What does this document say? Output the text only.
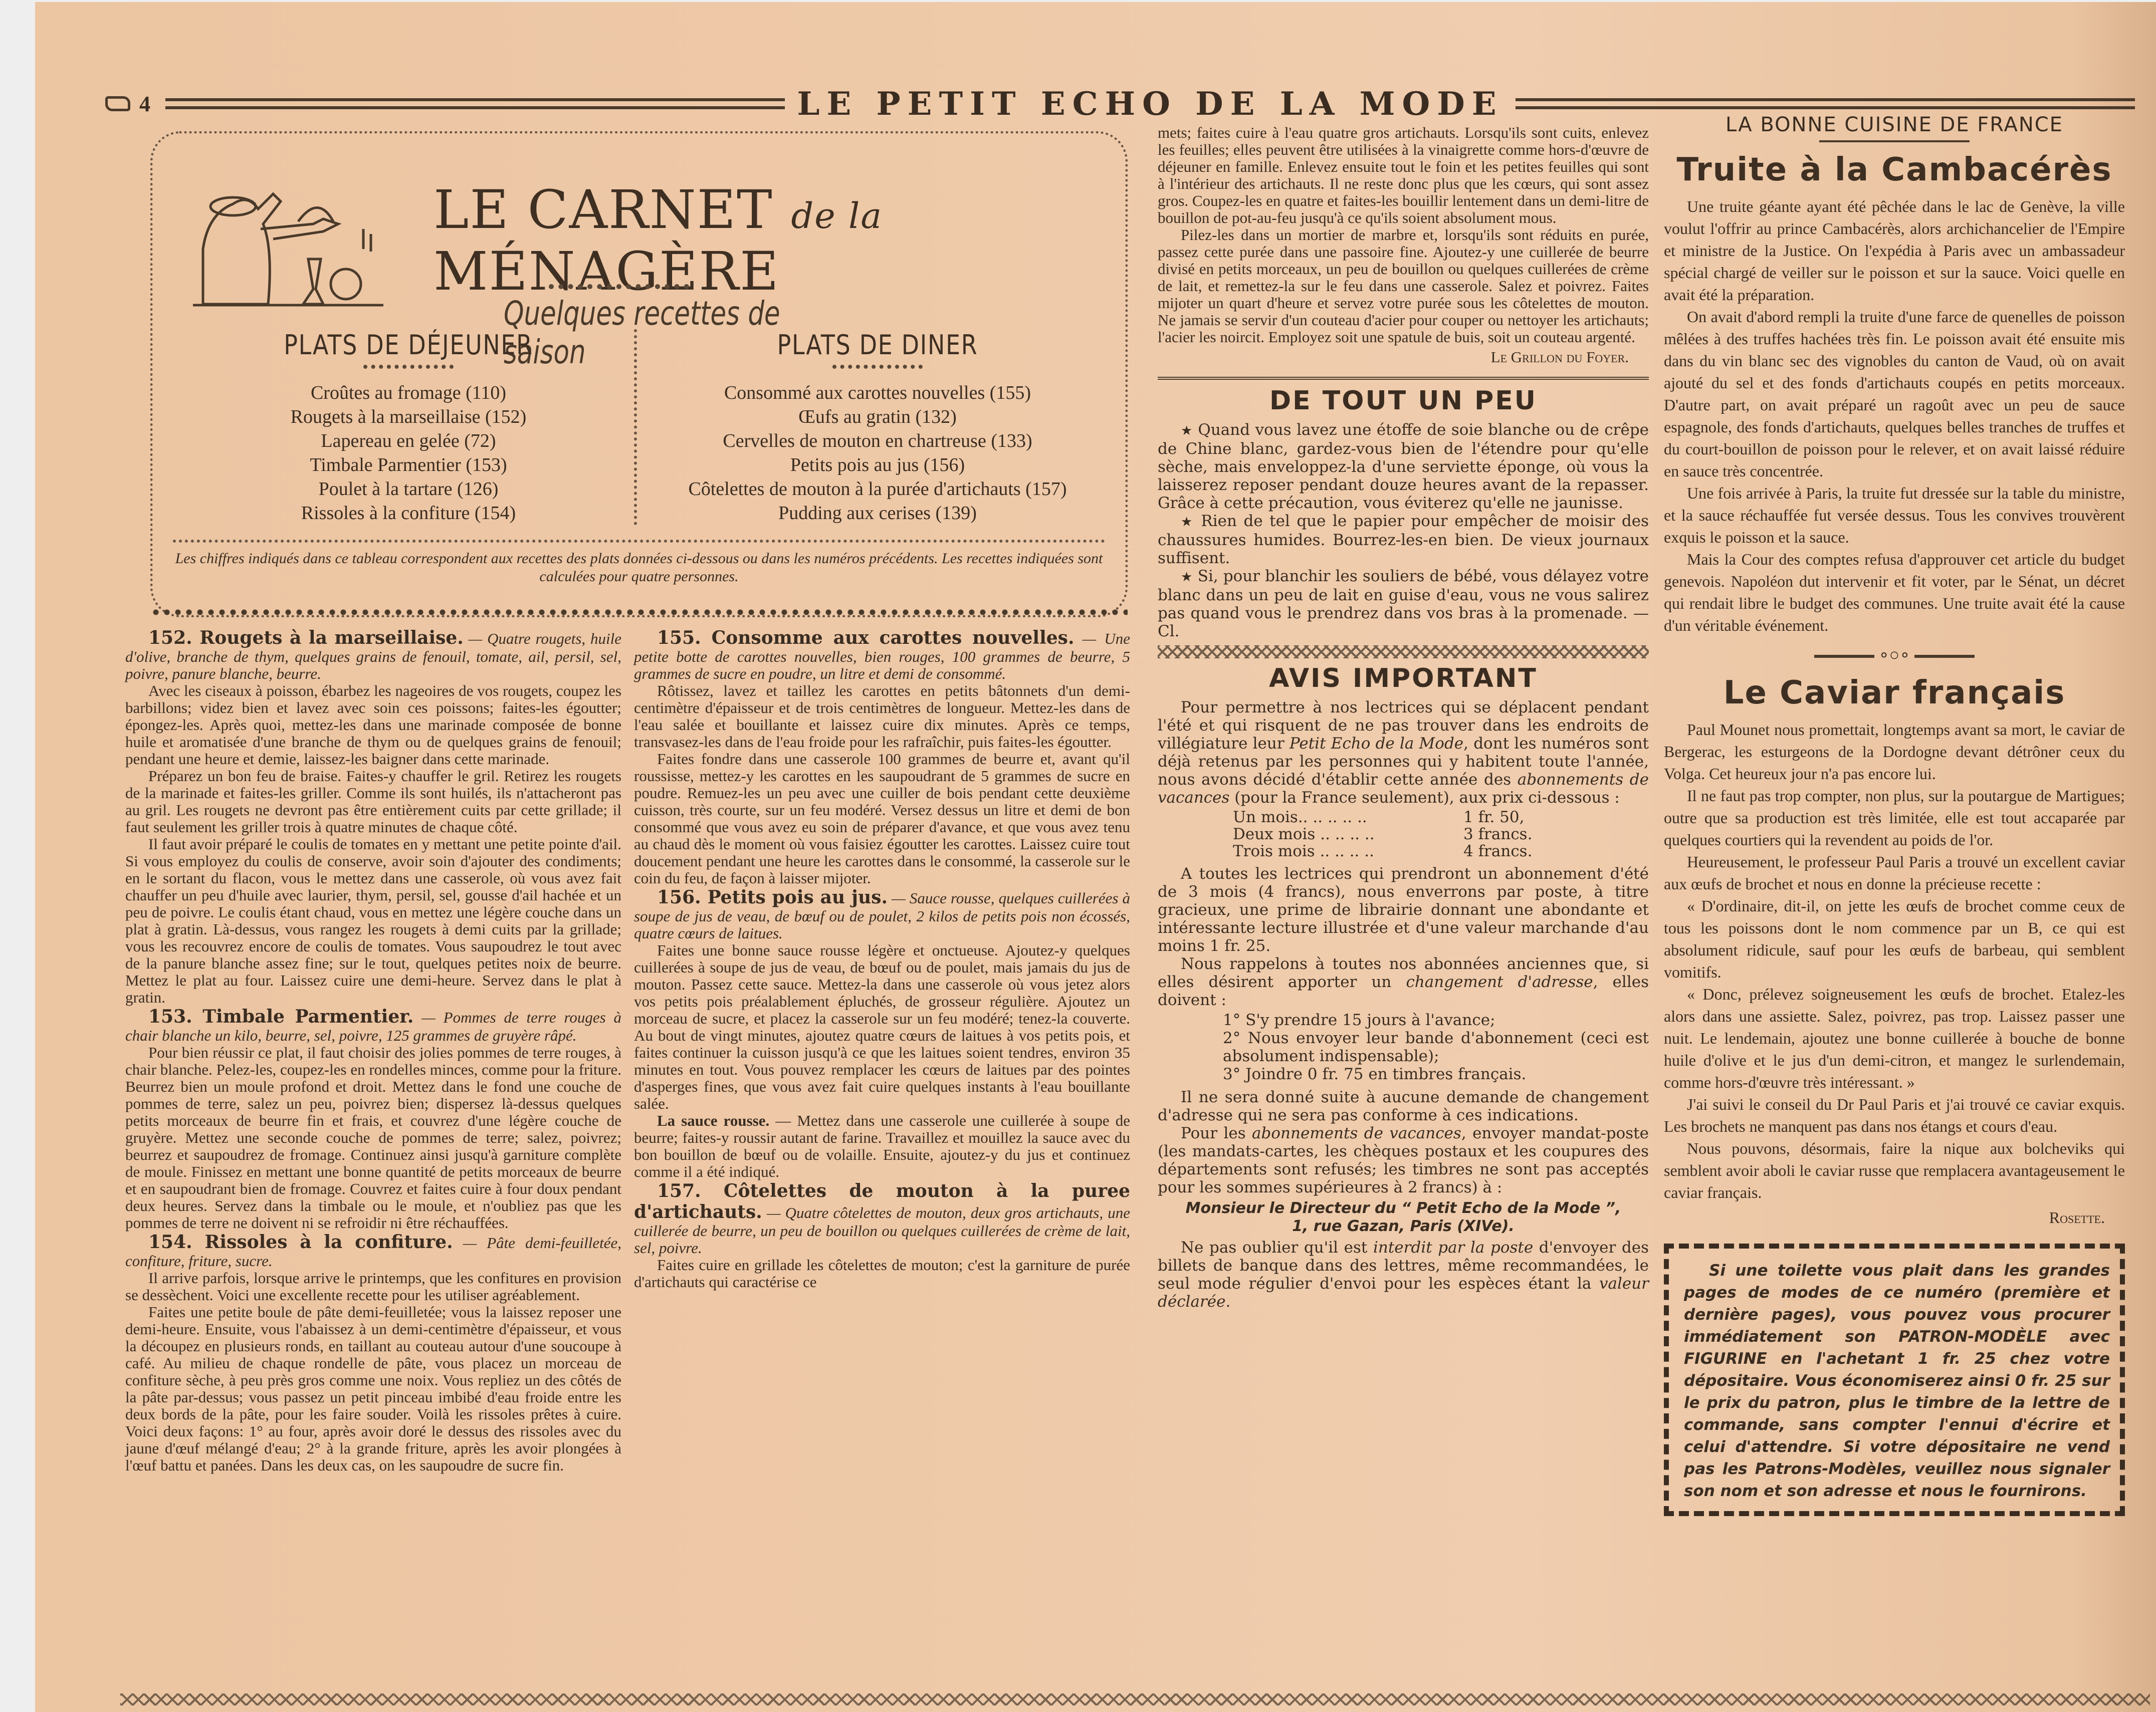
4	LE PETIT ECHO DE LA MODE
LE CARNET de la MÉNAGÈRE
Quelques recettes de saison
PLATS DE DÉJEUNER
Croûtes au fromage (110)
Rougets à la marseillaise (152)
Lapereau en gelée (72)
Timbale Parmentier (153)
Poulet à la tartare (126)
Rissoles à la confiture (154)
PLATS DE DINER
Consommé aux carottes nouvelles (155)
Œufs au gratin (132)
Cervelles de mouton en chartreuse (133)
Petits pois au jus (156)
Côtelettes de mouton à la purée d'artichauts (157)
Pudding aux cerises (139)
Les chiffres indiqués dans ce tableau correspondent aux recettes des plats données ci-dessous ou dans les numéros précédents. Les recettes indiquées sont calculées pour quatre personnes.

152. Rougets à la marseillaise. — Quatre rougets, huile d'olive, branche de thym, quelques grains de fenouil, tomate, ail, persil, sel, poivre, panure blanche, beurre.

Avec les ciseaux à poisson, ébarbez les nageoires de vos rougets, coupez les barbillons; videz bien et lavez avec soin ces poissons; faites-les égoutter; épongez-les. Après quoi, mettez-les dans une marinade composée de bonne huile et aromatisée d'une branche de thym ou de quelques grains de fenouil; pendant une heure et demie, laissez-les baigner dans cette marinade.

Préparez un bon feu de braise. Faites-y chauffer le gril. Retirez les rougets de la marinade et faites-les griller. Comme ils sont huilés, ils n'attacheront pas au gril. Les rougets ne devront pas être entièrement cuits par cette grillade; il faut seulement les griller trois à quatre minutes de chaque côté.

Il faut avoir préparé le coulis de tomates en y mettant une petite pointe d'ail. Si vous employez du coulis de conserve, avoir soin d'ajouter des condiments; en le sortant du flacon, vous le mettez dans une casserole, où vous avez fait chauffer un peu d'huile avec laurier, thym, persil, sel, gousse d'ail hachée et un peu de poivre. Le coulis étant chaud, vous en mettez une légère couche dans un plat à gratin. Là-dessus, vous rangez les rougets à demi cuits par la grillade; vous les recouvrez encore de coulis de tomates. Vous saupoudrez le tout avec de la panure blanche assez fine; sur le tout, quelques petites noix de beurre. Mettez le plat au four. Laissez cuire une demi-heure. Servez dans le plat à gratin.

153. Timbale Parmentier. — Pommes de terre rouges à chair blanche un kilo, beurre, sel, poivre, 125 grammes de gruyère râpé.

Pour bien réussir ce plat, il faut choisir des jolies pommes de terre rouges, à chair blanche. Pelez-les, coupez-les en rondelles minces, comme pour la friture. Beurrez bien un moule profond et droit. Mettez dans le fond une couche de pommes de terre, salez un peu, poivrez bien; dispersez là-dessus quelques petits morceaux de beurre fin et frais, et couvrez d'une légère couche de gruyère. Mettez une seconde couche de pommes de terre; salez, poivrez; beurrez et saupoudrez de fromage. Continuez ainsi jusqu'à garniture complète de moule. Finissez en mettant une bonne quantité de petits morceaux de beurre et en saupoudrant bien de fromage. Couvrez et faites cuire à four doux pendant deux heures. Servez dans la timbale ou le moule, et n'oubliez pas que les pommes de terre ne doivent ni se refroidir ni être réchauffées.

154. Rissoles à la confiture. — Pâte demi-feuilletée, confiture, friture, sucre.

Il arrive parfois, lorsque arrive le printemps, que les confitures en provision se dessèchent. Voici une excellente recette pour les utiliser agréablement.

Faites une petite boule de pâte demi-feuilletée; vous la laissez reposer une demi-heure. Ensuite, vous l'abaissez à un demi-centimètre d'épaisseur, et vous la découpez en plusieurs ronds, en taillant au couteau autour d'une soucoupe à café. Au milieu de chaque rondelle de pâte, vous placez un morceau de confiture sèche, à peu près gros comme une noix. Vous repliez un des côtés de la pâte par-dessus; vous passez un petit pinceau imbibé d'eau froide entre les deux bords de la pâte, pour les faire souder. Voilà les rissoles prêtes à cuire. Voici deux façons: 1° au four, après avoir doré le dessus des rissoles avec du jaune d'œuf mélangé d'eau; 2° à la grande friture, après les avoir plongées à l'œuf battu et panées. Dans les deux cas, on les saupoudre de sucre fin.

155. Consomme aux carottes nouvelles. — Une petite botte de carottes nouvelles, bien rouges, 100 grammes de beurre, 5 grammes de sucre en poudre, un litre et demi de consommé.

Rôtissez, lavez et taillez les carottes en petits bâtonnets d'un demi-centimètre d'épaisseur et de trois centimètres de longueur. Mettez-les dans de l'eau salée et bouillante et laissez cuire dix minutes. Après ce temps, transvasez-les dans de l'eau froide pour les rafraîchir, puis faites-les égoutter.

Faites fondre dans une casserole 100 grammes de beurre et, avant qu'il roussisse, mettez-y les carottes en les saupoudrant de 5 grammes de sucre en poudre. Remuez-les un peu avec une cuiller de bois pendant cette deuxième cuisson, très courte, sur un feu modéré. Versez dessus un litre et demi de bon consommé que vous avez eu soin de préparer d'avance, et que vous avez tenu au chaud dès le moment où vous faisiez égoutter les carottes. Laissez cuire tout doucement pendant une heure les carottes dans le consommé, la casserole sur le coin du feu, de façon à laisser mijoter.

156. Petits pois au jus. — Sauce rousse, quelques cuillerées à soupe de jus de veau, de bœuf ou de poulet, 2 kilos de petits pois non écossés, quatre cœurs de laitues.

Faites une bonne sauce rousse légère et onctueuse. Ajoutez-y quelques cuillerées à soupe de jus de veau, de bœuf ou de poulet, mais jamais du jus de mouton. Passez cette sauce. Mettez-la dans une casserole où vous jetez alors vos petits pois préalablement épluchés, de grosseur régulière. Ajoutez un morceau de sucre, et placez la casserole sur un feu modéré; tenez-la couverte. Au bout de vingt minutes, ajoutez quatre cœurs de laitues à vos petits pois, et faites continuer la cuisson jusqu'à ce que les laitues soient tendres, environ 35 minutes en tout. Vous pouvez remplacer les cœurs de laitues par des pointes d'asperges fines, que vous avez fait cuire quelques instants à l'eau bouillante salée.

La sauce rousse. — Mettez dans une casserole une cuillerée à soupe de beurre; faites-y roussir autant de farine. Travaillez et mouillez la sauce avec du bon bouillon de bœuf ou de volaille. Ensuite, ajoutez-y du jus et continuez comme il a été indiqué.

157. Côtelettes de mouton à la puree d'artichauts. — Quatre côtelettes de mouton, deux gros artichauts, une cuillerée de beurre, un peu de bouillon ou quelques cuillerées de crème de lait, sel, poivre.

Faites cuire en grillade les côtelettes de mouton; c'est la garniture de purée d'artichauts qui caractérise ce

mets; faites cuire à l'eau quatre gros artichauts. Lorsqu'ils sont cuits, enlevez les feuilles; elles peuvent être utilisées à la vinaigrette comme hors-d'œuvre de déjeuner en famille. Enlevez ensuite tout le foin et les petites feuilles qui sont à l'intérieur des artichauts. Il ne reste donc plus que les cœurs, qui sont assez gros. Coupez-les en quatre et faites-les bouillir lentement dans un demi-litre de bouillon de pot-au-feu jusqu'à ce qu'ils soient absolument mous.

Pilez-les dans un mortier de marbre et, lorsqu'ils sont réduits en purée, passez cette purée dans une passoire fine. Ajoutez-y une cuillerée de beurre divisé en petits morceaux, un peu de bouillon ou quelques cuillerées de crème de lait, et remettez-la sur le feu dans une casserole. Salez et poivrez. Faites mijoter un quart d'heure et servez votre purée sous les côtelettes de mouton. Ne jamais se servir d'un couteau d'acier pour couper ou nettoyer les artichauts; l'acier les noircit. Employez soit une spatule de buis, soit un couteau argenté.

Le Grillon du Foyer.
DE TOUT UN PEU

★ Quand vous lavez une étoffe de soie blanche ou de crêpe de Chine blanc, gardez-vous bien de l'étendre pour qu'elle sèche, mais enveloppez-la d'une serviette éponge, où vous la laisserez reposer pendant douze heures avant de la repasser. Grâce à cette précaution, vous éviterez qu'elle ne jaunisse.

★ Rien de tel que le papier pour empêcher de moisir des chaussures humides. Bourrez-les-en bien. De vieux journaux suffisent.

★ Si, pour blanchir les souliers de bébé, vous délayez votre blanc dans un peu de lait en guise d'eau, vous ne vous salirez pas quand vous le prendrez dans vos bras à la promenade. — Cl.

AVIS IMPORTANT

Pour permettre à nos lectrices qui se déplacent pendant l'été et qui risquent de ne pas trouver dans les endroits de villégiature leur Petit Echo de la Mode, dont les numéros sont déjà retenus par les personnes qui y habitent toute l'année, nous avons décidé d'établir cette année des abonnements de vacances (pour la France seulement), aux prix ci-dessous :

Un mois.. .. .. .. ..	1 fr. 50,
Deux mois .. .. .. ..	3 francs.
Trois mois .. .. .. ..	4 francs.

A toutes les lectrices qui prendront un abonnement d'été de 3 mois (4 francs), nous enverrons par poste, à titre gracieux, une prime de librairie donnant une abondante et intéressante lecture illustrée et d'une valeur marchande d'au moins 1 fr. 25.

Nous rappelons à toutes nos abonnées anciennes que, si elles désirent apporter un changement d'adresse, elles doivent :

1° S'y prendre 15 jours à l'avance;
2° Nous envoyer leur bande d'abonnement (ceci est absolument indispensable);
3° Joindre 0 fr. 75 en timbres français.

Il ne sera donné suite à aucune demande de changement d'adresse qui ne sera pas conforme à ces indications.

Pour les abonnements de vacances, envoyer mandat-poste (les mandats-cartes, les chèques postaux et les coupures des départements sont refusés; les timbres ne sont pas acceptés pour les sommes supérieures à 2 francs) à :

Monsieur le Directeur du “ Petit Echo de la Mode ”,
1, rue Gazan, Paris (XIVe).

Ne pas oublier qu'il est interdit par la poste d'envoyer des billets de banque dans des lettres, même recommandées, le seul mode régulier d'envoi pour les espèces étant la valeur déclarée.

LA BONNE CUISINE DE FRANCE
Truite à la Cambacérès

Une truite géante ayant été pêchée dans le lac de Genève, la ville voulut l'offrir au prince Cambacérès, alors archichancelier de l'Empire et ministre de la Justice. On l'expédia à Paris avec un ambassadeur spécial chargé de veiller sur le poisson et sur la sauce. Voici quelle en avait été la préparation.

On avait d'abord rempli la truite d'une farce de quenelles de poisson mêlées à des truffes hachées très fin. Le poisson avait été ensuite mis dans du vin blanc sec des vignobles du canton de Vaud, où on avait ajouté du sel et des fonds d'artichauts coupés en petits morceaux. D'autre part, on avait préparé un ragoût avec un peu de sauce espagnole, des fonds d'artichauts, quelques belles tranches de truffes et du court-bouillon de poisson pour le relever, et on avait laissé réduire en sauce très concentrée.

Une fois arrivée à Paris, la truite fut dressée sur la table du ministre, et la sauce réchauffée fut versée dessus. Tous les convives trouvèrent exquis le poisson et la sauce.

Mais la Cour des comptes refusa d'approuver cet article du budget genevois. Napoléon dut intervenir et fit voter, par le Sénat, un décret qui rendait libre le budget des communes. Une truite avait été la cause d'un véritable événement.

∘○∘
Le Caviar français

Paul Mounet nous promettait, longtemps avant sa mort, le caviar de Bergerac, les esturgeons de la Dordogne devant détrôner ceux du Volga. Cet heureux jour n'a pas encore lui.

Il ne faut pas trop compter, non plus, sur la poutargue de Martigues; outre que sa production est très limitée, elle est tout accaparée par quelques courtiers qui la revendent au poids de l'or.

Heureusement, le professeur Paul Paris a trouvé un excellent caviar aux œufs de brochet et nous en donne la précieuse recette :

« D'ordinaire, dit-il, on jette les œufs de brochet comme ceux de tous les poissons dont le nom commence par un B, ce qui est absolument ridicule, sauf pour les œufs de barbeau, qui semblent vomitifs.

« Donc, prélevez soigneusement les œufs de brochet. Etalez-les alors dans une assiette. Salez, poivrez, pas trop. Laissez passer une nuit. Le lendemain, ajoutez une bonne cuillerée à bouche de bonne huile d'olive et le jus d'un demi-citron, et mangez le surlendemain, comme hors-d'œuvre très intéressant. »

J'ai suivi le conseil du Dr Paul Paris et j'ai trouvé ce caviar exquis. Les brochets ne manquent pas dans nos étangs et cours d'eau.

Nous pouvons, désormais, faire la nique aux bolcheviks qui semblent avoir aboli le caviar russe que remplacera avantageusement le caviar français.

Rosette.

Si une toilette vous plait dans les grandes pages de modes de ce numéro (première et dernière pages), vous pouvez vous procurer immédiatement son PATRON-MODÈLE avec FIGURINE en l'achetant 1 fr. 25 chez votre dépositaire. Vous économiserez ainsi 0 fr. 25 sur le prix du patron, plus le timbre de la lettre de commande, sans compter l'ennui d'écrire et celui d'attendre. Si votre dépositaire ne vend pas les Patrons-Modèles, veuillez nous signaler son nom et son adresse et nous le fournirons.
